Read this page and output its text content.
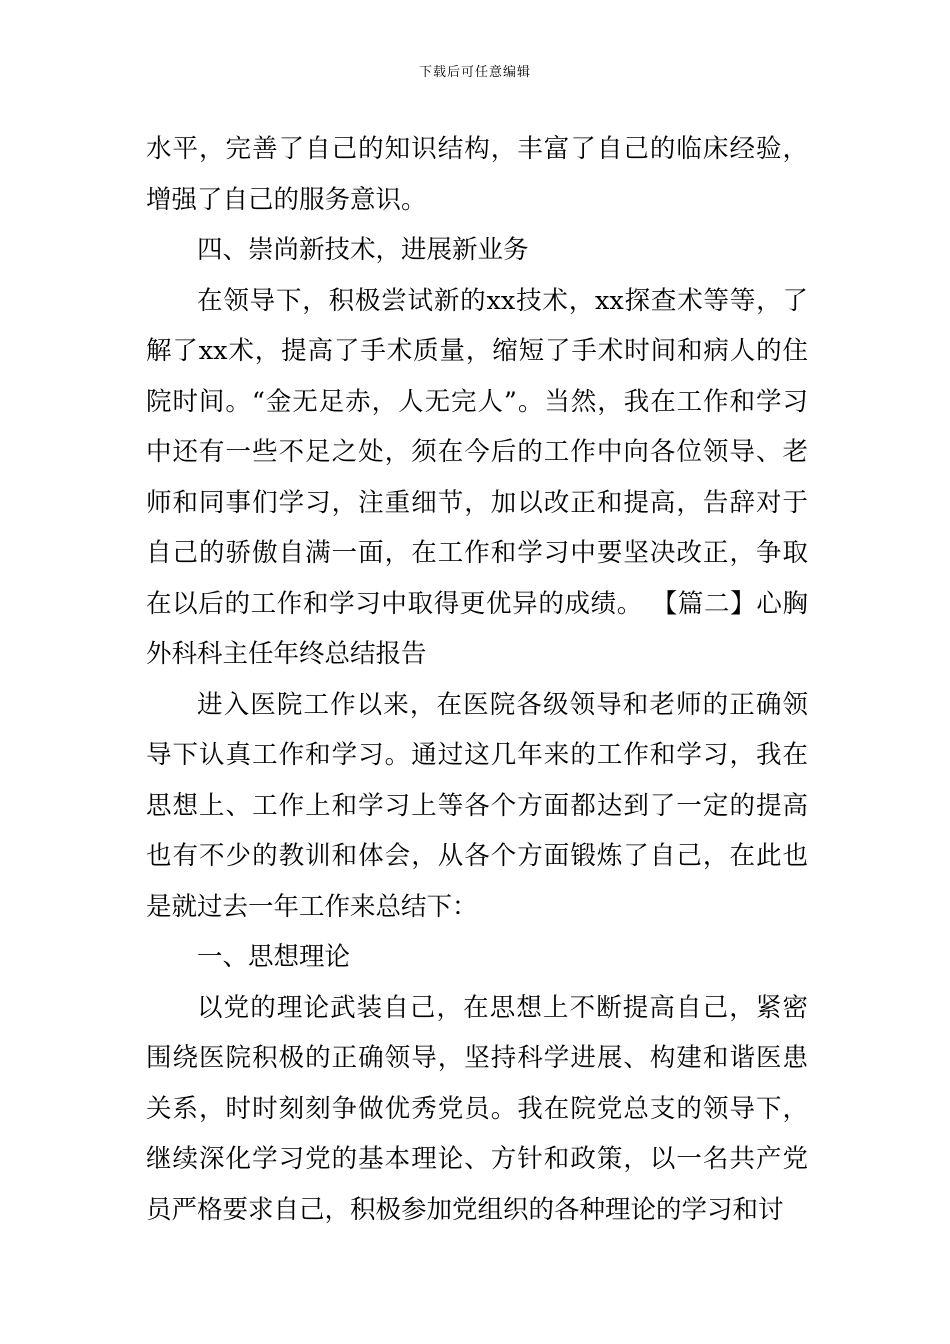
下载后可任意编辑

水平，完善了自己的知识结构，丰富了自己的临床经验，增强了自己的服务意识。

四、崇尚新技术，进展新业务

在领导下，积极尝试新的xx技术，xx探查术等等，了解了xx术，提高了手术质量，缩短了手术时间和病人的住院时间。“金无足赤，人无完人”。当然，我在工作和学习中还有一些不足之处，须在今后的工作中向各位领导、老师和同事们学习，注重细节，加以改正和提高，告辞对于自己的骄傲自满一面，在工作和学习中要坚决改正，争取在以后的工作和学习中取得更优异的成绩。 【篇二】心胸外科科主任年终总结报告

进入医院工作以来，在医院各级领导和老师的正确领导下认真工作和学习。通过这几年来的工作和学习，我在思想上、工作上和学习上等各个方面都达到了一定的提高也有不少的教训和体会，从各个方面锻炼了自己，在此也是就过去一年工作来总结下：

一、思想理论

以党的理论武装自己，在思想上不断提高自己，紧密围绕医院积极的正确领导，坚持科学进展、构建和谐医患关系，时时刻刻争做优秀党员。我在院党总支的领导下，继续深化学习党的基本理论、方针和政策，以一名共产党员严格要求自己，积极参加党组织的各种理论的学习和讨
